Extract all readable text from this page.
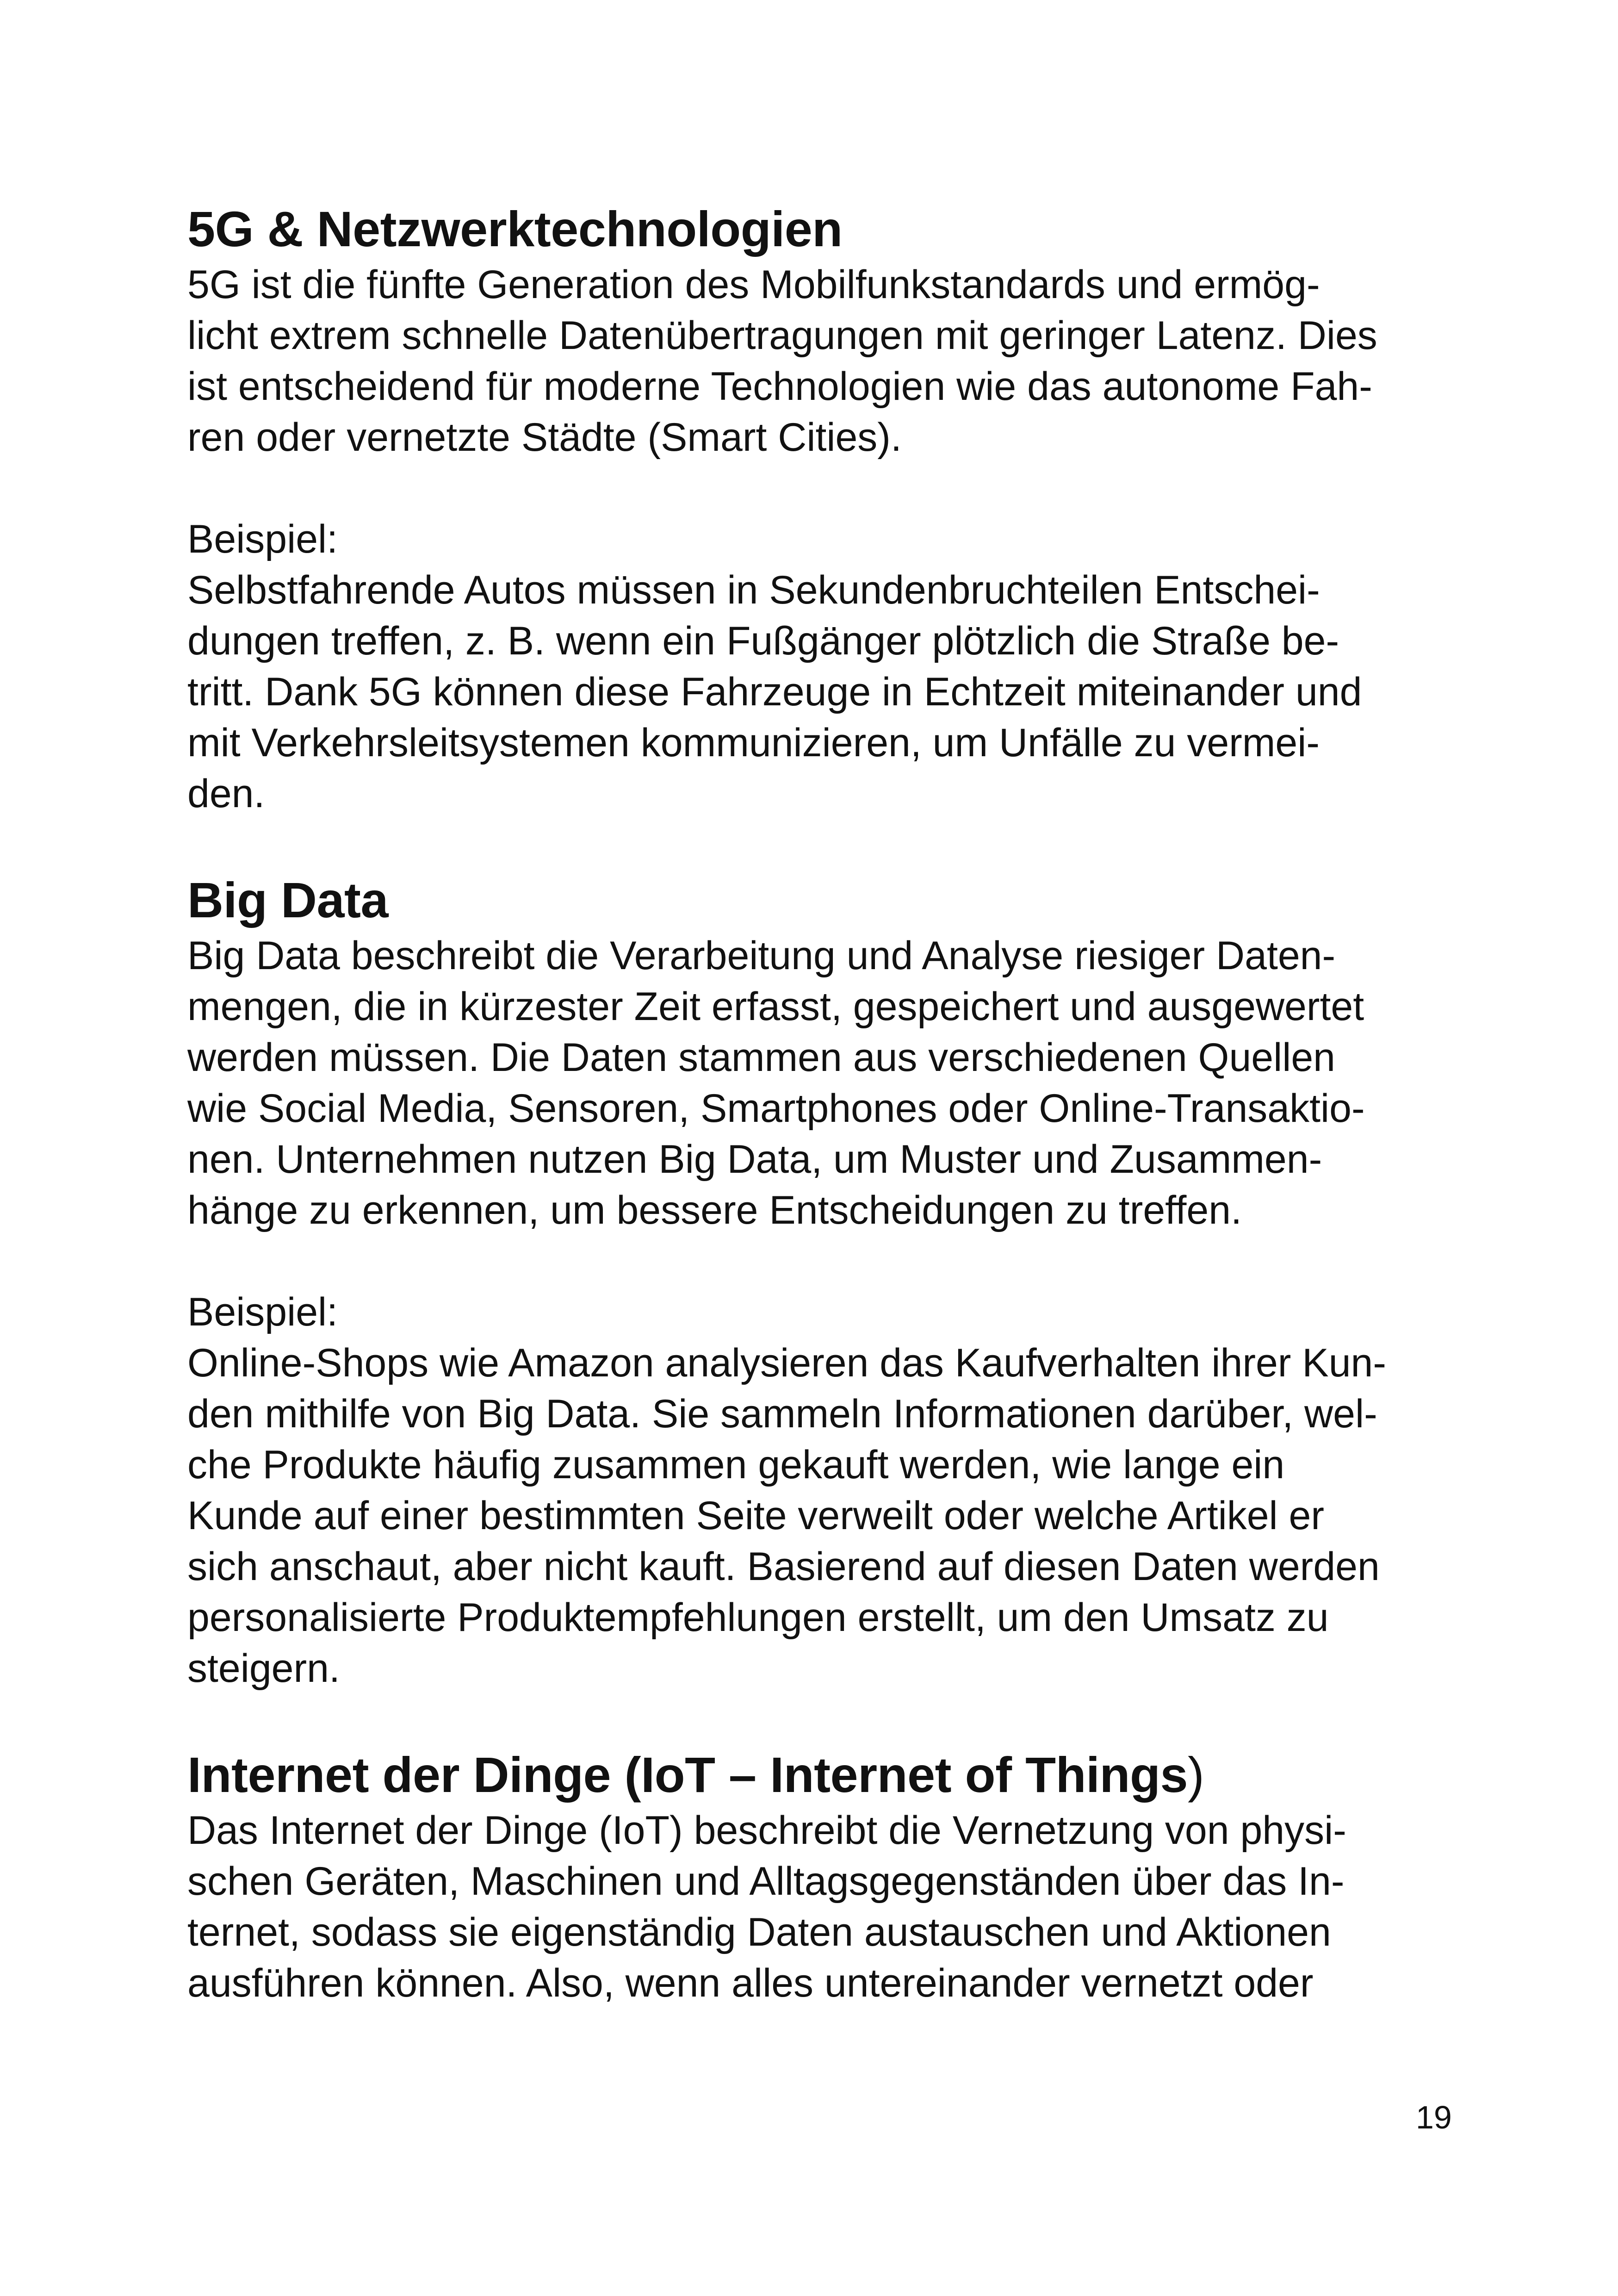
5G & Netzwerktechnologien

5G ist die fünfte Generation des Mobilfunkstandards und ermög-

licht extrem schnelle Datenübertragungen mit geringer Latenz. Dies

ist entscheidend für moderne Technologien wie das autonome Fah-

ren oder vernetzte Städte (Smart Cities).

Beispiel:

Selbstfahrende Autos müssen in Sekundenbruchteilen Entschei-

dungen treffen, z. B. wenn ein Fußgänger plötzlich die Straße be-

tritt. Dank 5G können diese Fahrzeuge in Echtzeit miteinander und

mit Verkehrsleitsystemen kommunizieren, um Unfälle zu vermei-

den.

Big Data

Big Data beschreibt die Verarbeitung und Analyse riesiger Daten-

mengen, die in kürzester Zeit erfasst, gespeichert und ausgewertet

werden müssen. Die Daten stammen aus verschiedenen Quellen

wie Social Media, Sensoren, Smartphones oder Online-Transaktio-

nen. Unternehmen nutzen Big Data, um Muster und Zusammen-

hänge zu erkennen, um bessere Entscheidungen zu treffen.

Beispiel:

Online-Shops wie Amazon analysieren das Kaufverhalten ihrer Kun-

den mithilfe von Big Data. Sie sammeln Informationen darüber, wel-

che Produkte häufig zusammen gekauft werden, wie lange ein

Kunde auf einer bestimmten Seite verweilt oder welche Artikel er

sich anschaut, aber nicht kauft. Basierend auf diesen Daten werden

personalisierte Produktempfehlungen erstellt, um den Umsatz zu

steigern.

Internet der Dinge (IoT – Internet of Things)

Das Internet der Dinge (IoT) beschreibt die Vernetzung von physi-

schen Geräten, Maschinen und Alltagsgegenständen über das In-

ternet, sodass sie eigenständig Daten austauschen und Aktionen

ausführen können. Also, wenn alles untereinander vernetzt oder

19
